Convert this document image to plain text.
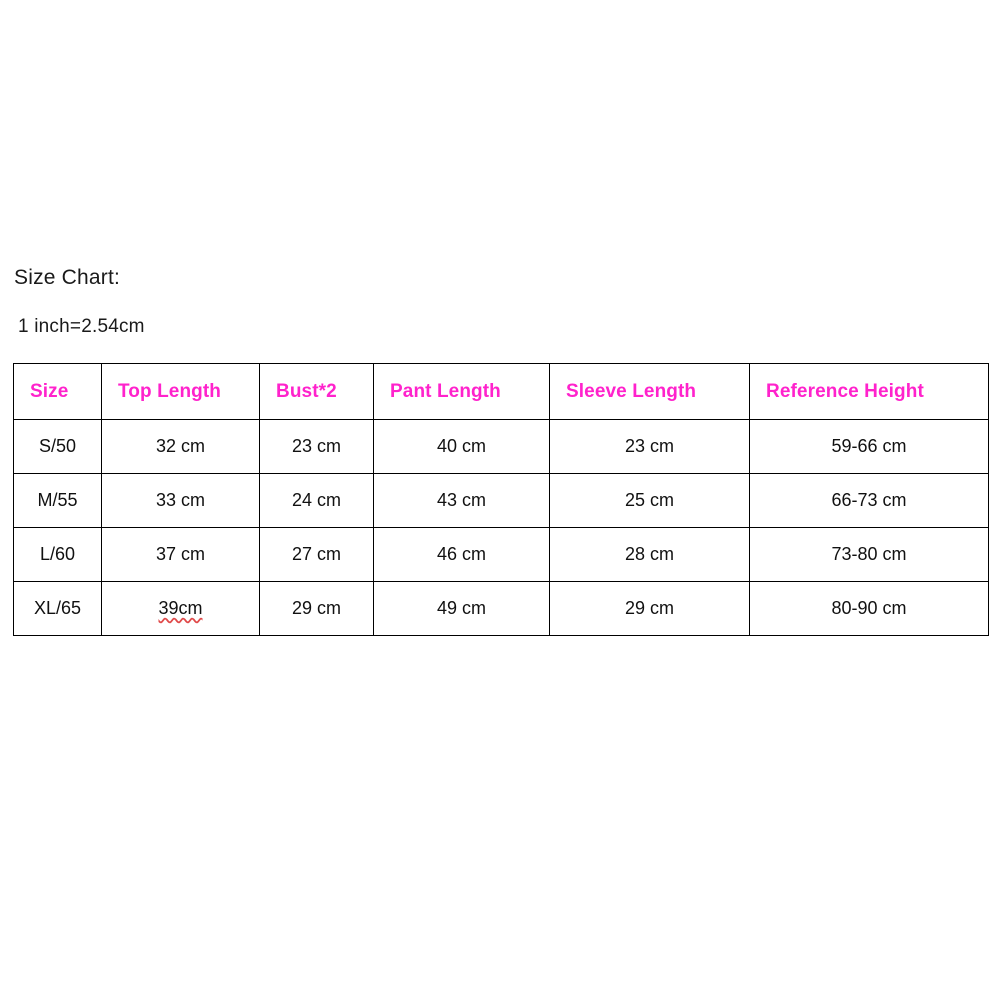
Size Chart:
1 inch=2.54cm
Size	Top Length	Bust*2	Pant Length	Sleeve Length	Reference Height
S/50	32 cm	23 cm	40 cm	23 cm	59-66 cm
M/55	33 cm	24 cm	43 cm	25 cm	66-73 cm
L/60	37 cm	27 cm	46 cm	28 cm	73-80 cm
XL/65	39cm	29 cm	49 cm	29 cm	80-90 cm
